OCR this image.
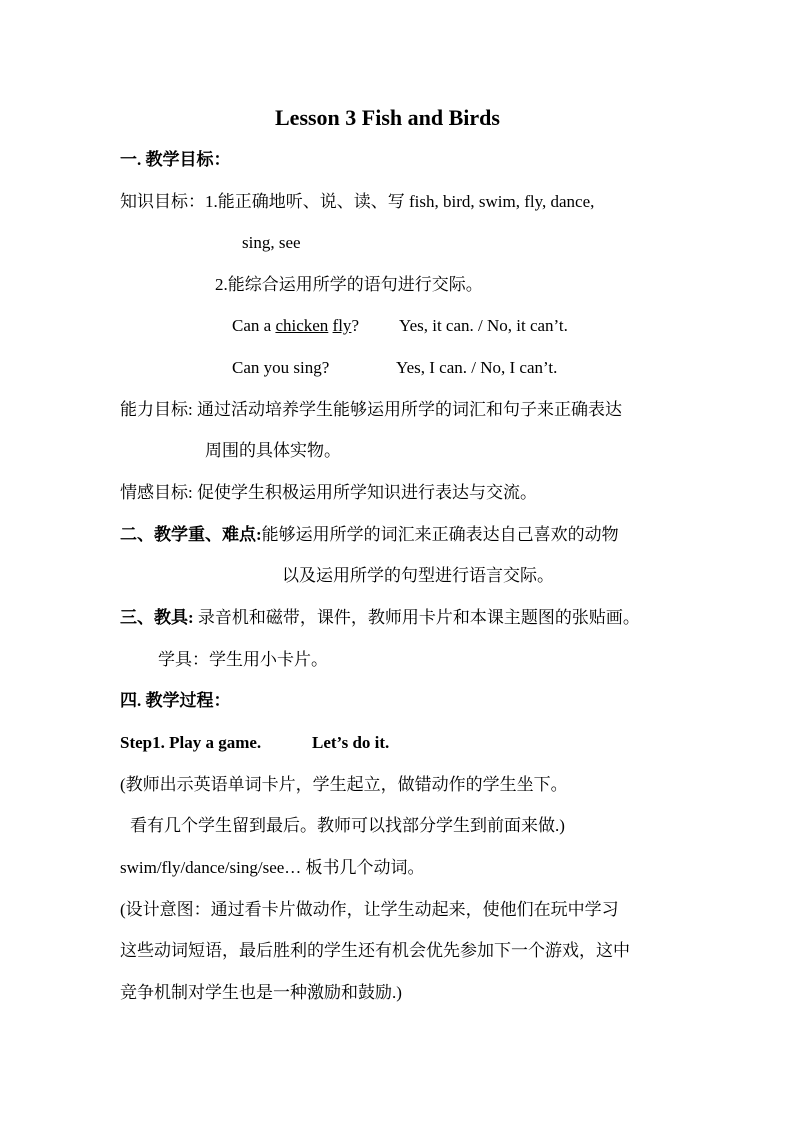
Lesson 3 Fish and Birds
一. 教学目标：
知识目标：1.能正确地听、说、读、写 fish, bird, swim, fly, dance,
sing, see
2.能综合运用所学的语句进行交际。
Can a chicken fly? Yes, it can. / No, it can’t.
Can you sing?	Yes, I can. / No, I can’t.
能力目标: 通过活动培养学生能够运用所学的词汇和句子来正确表达
周围的具体实物。
情感目标: 促使学生积极运用所学知识进行表达与交流。
二、教学重、难点:能够运用所学的词汇来正确表达自己喜欢的动物
以及运用所学的句型进行语言交际。
三、教具: 录音机和磁带，课件，教师用卡片和本课主题图的张贴画。
学具：学生用小卡片。
四. 教学过程：
Step1. Play a game.	Let’s do it.
(教师出示英语单词卡片，学生起立，做错动作的学生坐下。
看有几个学生留到最后。教师可以找部分学生到前面来做.)
swim/fly/dance/sing/see… 板书几个动词。
(设计意图：通过看卡片做动作，让学生动起来，使他们在玩中学习
这些动词短语，最后胜利的学生还有机会优先参加下一个游戏，这中
竞争机制对学生也是一种激励和鼓励.)
